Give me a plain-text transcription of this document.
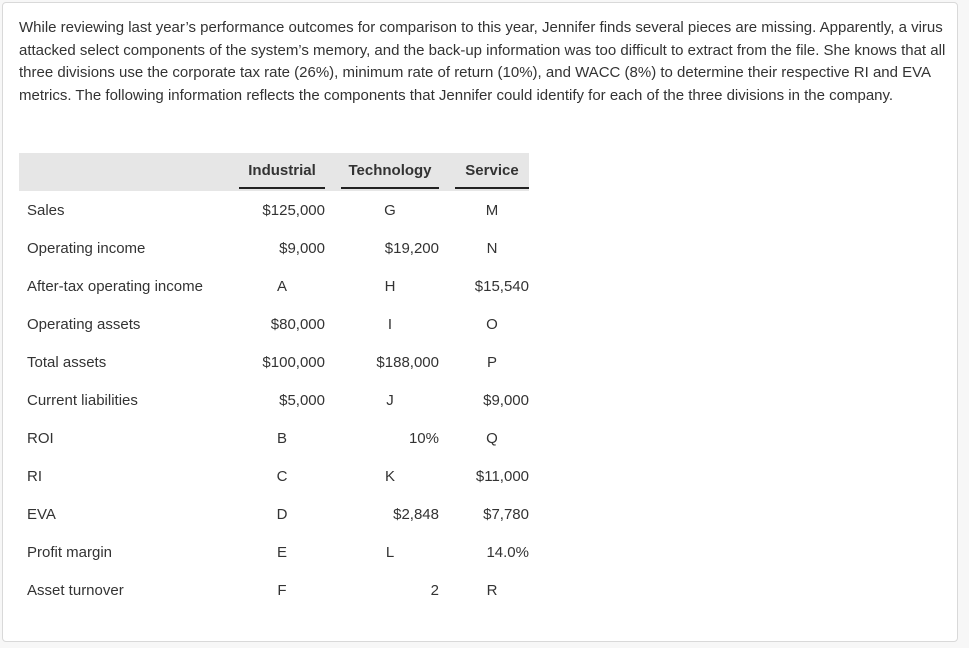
While reviewing last year’s performance outcomes for comparison to this year, Jennifer finds several pieces are missing. Apparently, a virus attacked select components of the system’s memory, and the back-up information was too difficult to extract from the file. She knows that all three divisions use the corporate tax rate (26%), minimum rate of return (10%), and WACC (8%) to determine their respective RI and EVA metrics. The following information reflects the components that Jennifer could identify for each of the three divisions in the company.

	Industrial		Technology		Service

Sales	$125,000		G		M
Operating income	$9,000		$19,200		N
After-tax operating income	A		H		$15,540
Operating assets	$80,000		I		O
Total assets	$100,000		$188,000		P
Current liabilities	$5,000		J		$9,000
ROI	B		10%		Q
RI	C		K		$11,000
EVA	D		$2,848		$7,780
Profit margin	E		L		14.0%
Asset turnover	F		2		R
